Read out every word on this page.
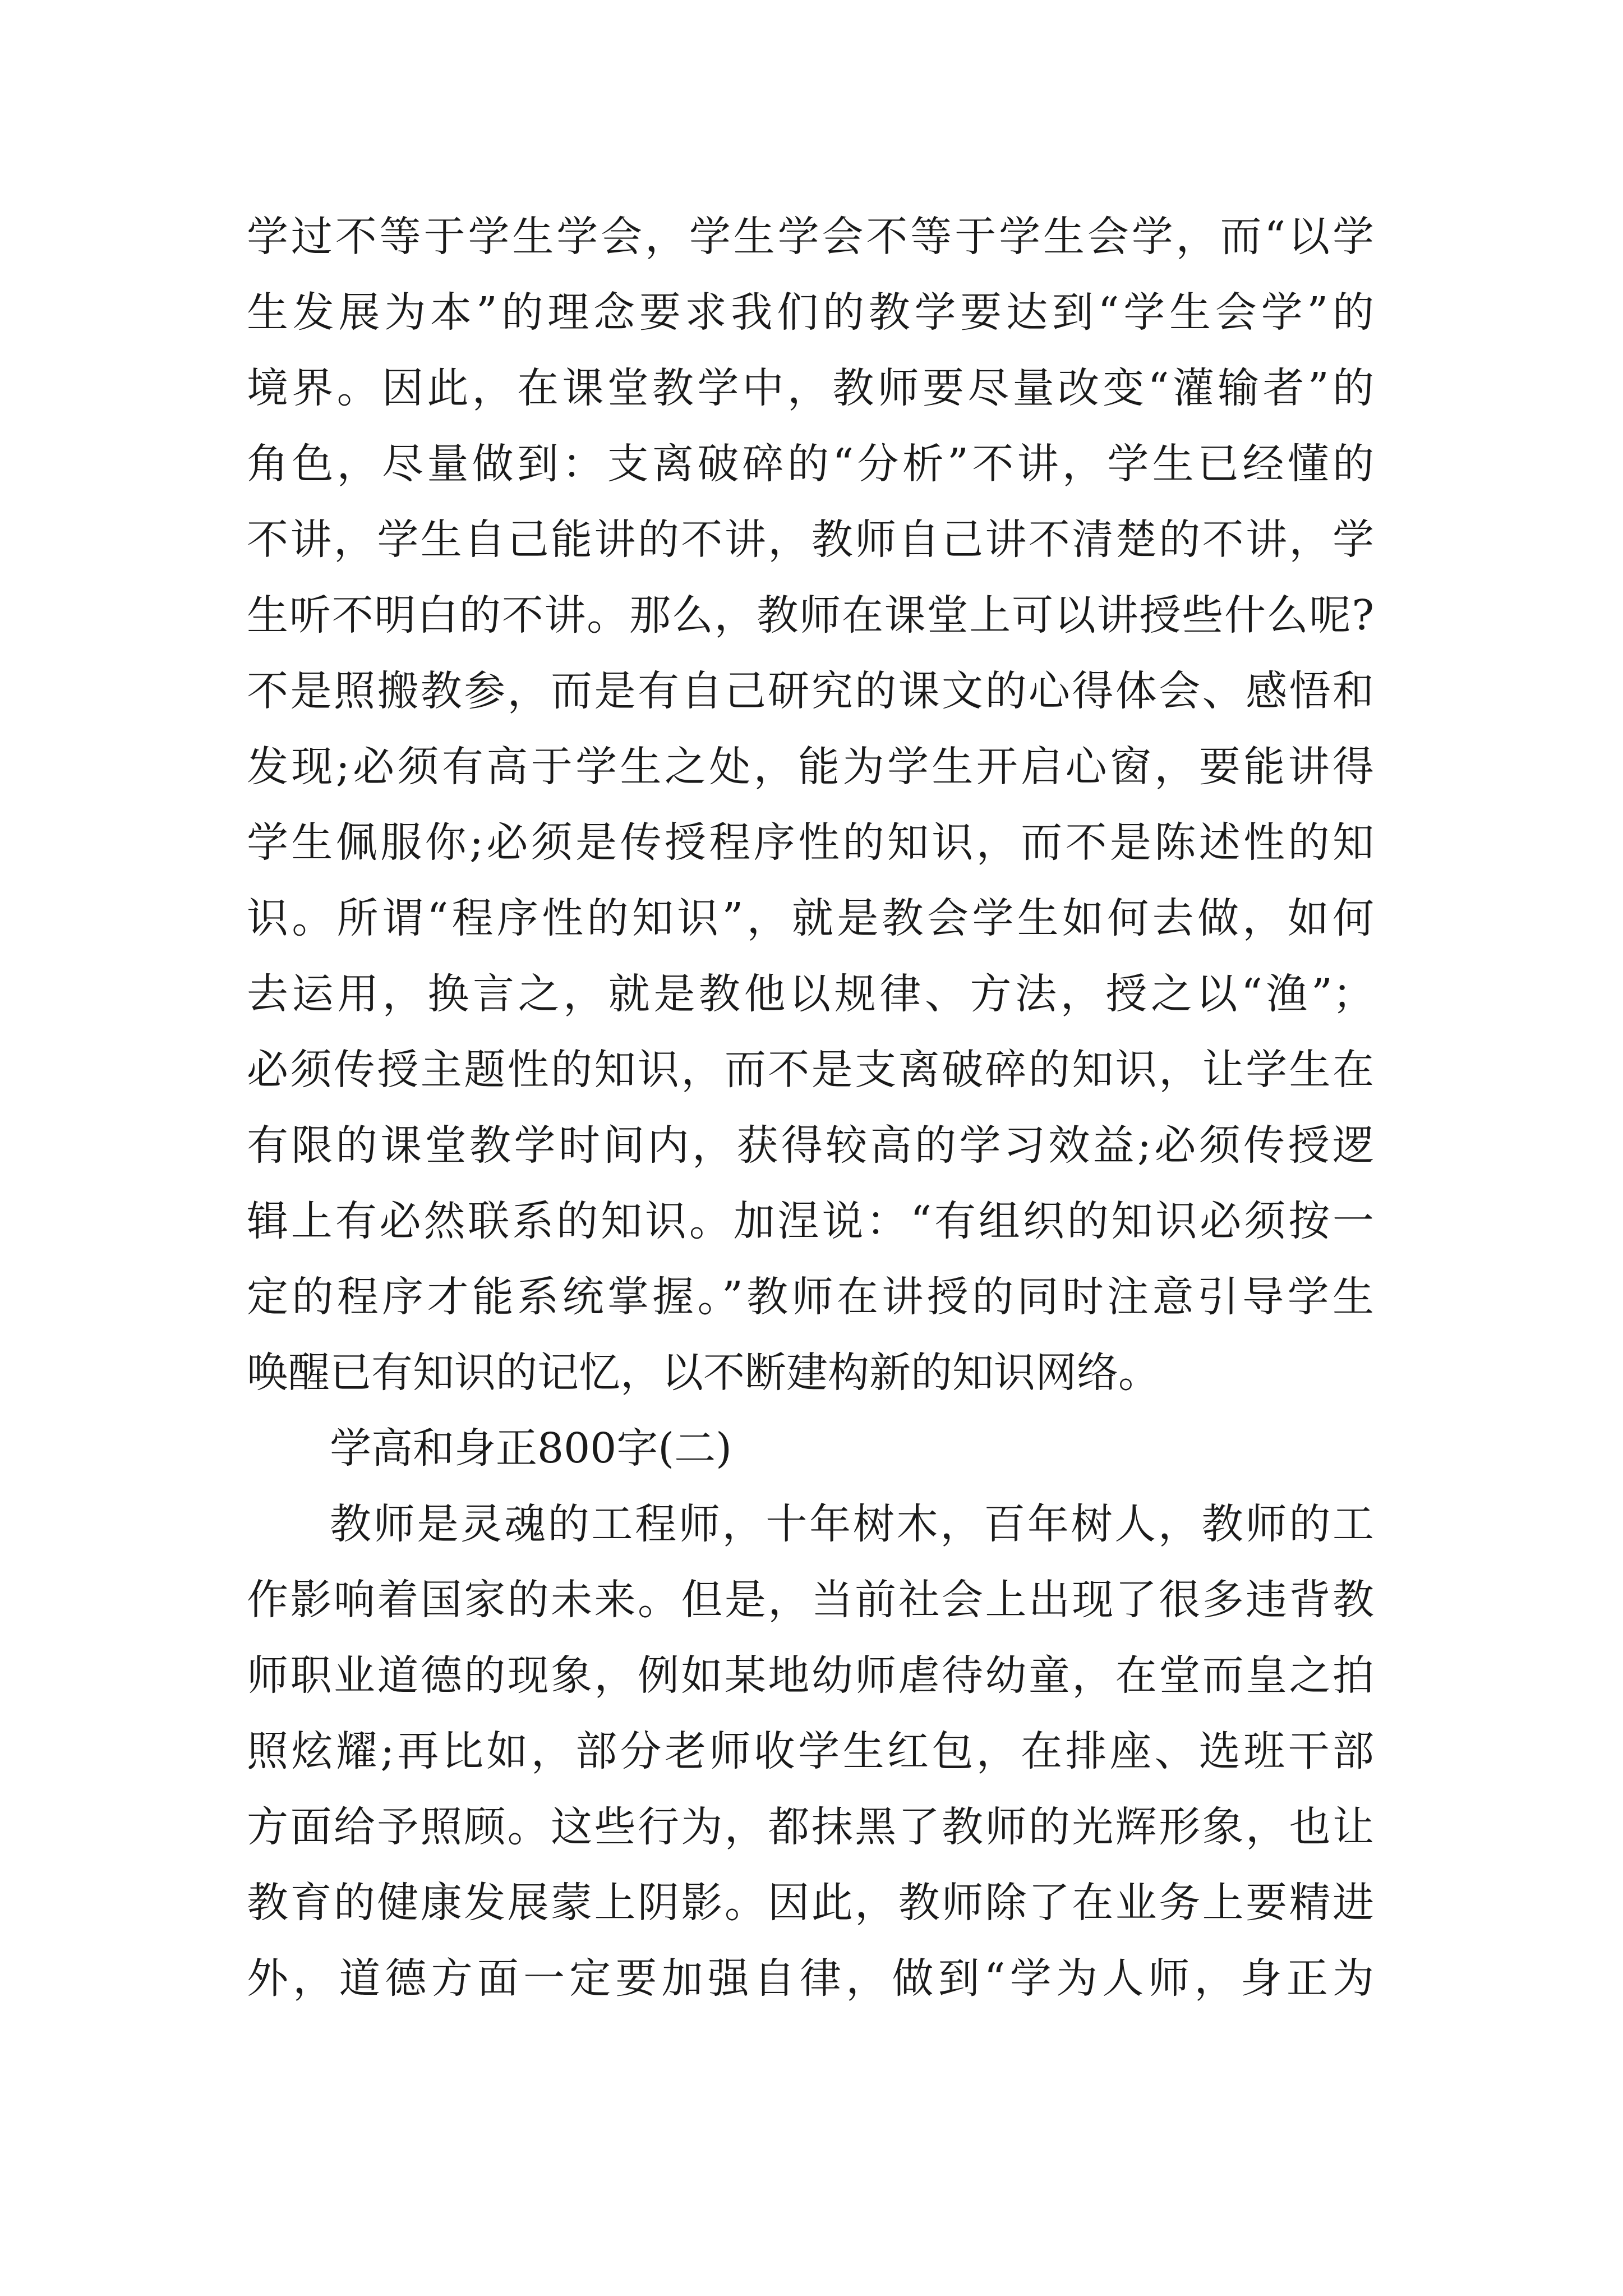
学过不等于学生学会，学生学会不等于学生会学，而“以学
生发展为本”的理念要求我们的教学要达到“学生会学”的
境界。因此，在课堂教学中，教师要尽量改变“灌输者”的
角色，尽量做到：支离破碎的“分析”不讲，学生已经懂的
不讲，学生自己能讲的不讲，教师自己讲不清楚的不讲，学
生听不明白的不讲。那么，教师在课堂上可以讲授些什么呢?
不是照搬教参，而是有自己研究的课文的心得体会、感悟和
发现;必须有高于学生之处，能为学生开启心窗，要能讲得
学生佩服你;必须是传授程序性的知识，而不是陈述性的知
识。所谓“程序性的知识”，就是教会学生如何去做，如何
去运用，换言之，就是教他以规律、方法，授之以“渔”；
必须传授主题性的知识，而不是支离破碎的知识，让学生在
有限的课堂教学时间内，获得较高的学习效益;必须传授逻
辑上有必然联系的知识。加涅说：“有组织的知识必须按一
定的程序才能系统掌握。”教师在讲授的同时注意引导学生
唤醒已有知识的记忆，以不断建构新的知识网络。
学高和身正800字(二)
教师是灵魂的工程师，十年树木，百年树人，教师的工
作影响着国家的未来。但是，当前社会上出现了很多违背教
师职业道德的现象，例如某地幼师虐待幼童，在堂而皇之拍
照炫耀;再比如，部分老师收学生红包，在排座、选班干部
方面给予照顾。这些行为，都抹黑了教师的光辉形象，也让
教育的健康发展蒙上阴影。因此，教师除了在业务上要精进
外，道德方面一定要加强自律，做到“学为人师，身正为
